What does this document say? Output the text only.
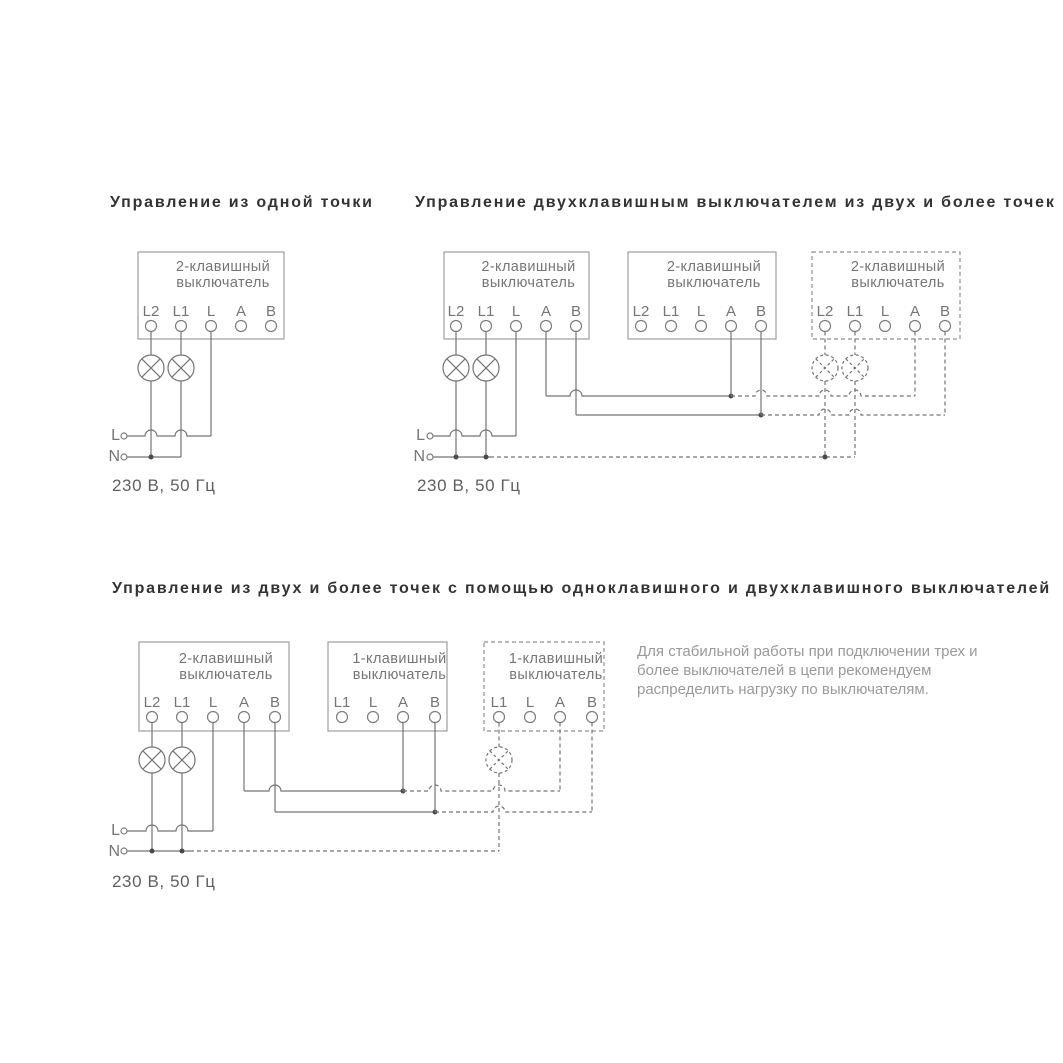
Управление из одной точки	Управление двухклавишным выключателем из двух и более точек
Управление из двух и более точек с помощью одноклавишного и двухклавишного выключателей
2-клавишный
выключатель
2-клавишный
выключатель
2-клавишный
выключатель
2-клавишный
выключатель
2-клавишный
выключатель
1-клавишный
выключатель
1-клавишный
выключатель
L2 L1	L	A	B	L2 L1	L	A	B	L2 L1	L	A	B	L2 L1	L	A	B
L2 L1	L	A	B	L1	L	A	B	L1	L	A	B
L
N
230 В, 50 Гц
L
N
230 В, 50 Гц
L
N
230 В, 50 Гц
Для стабильной работы при подключении трех и
более выключателей в цепи рекомендуем
распределить нагрузку по выключателям.
